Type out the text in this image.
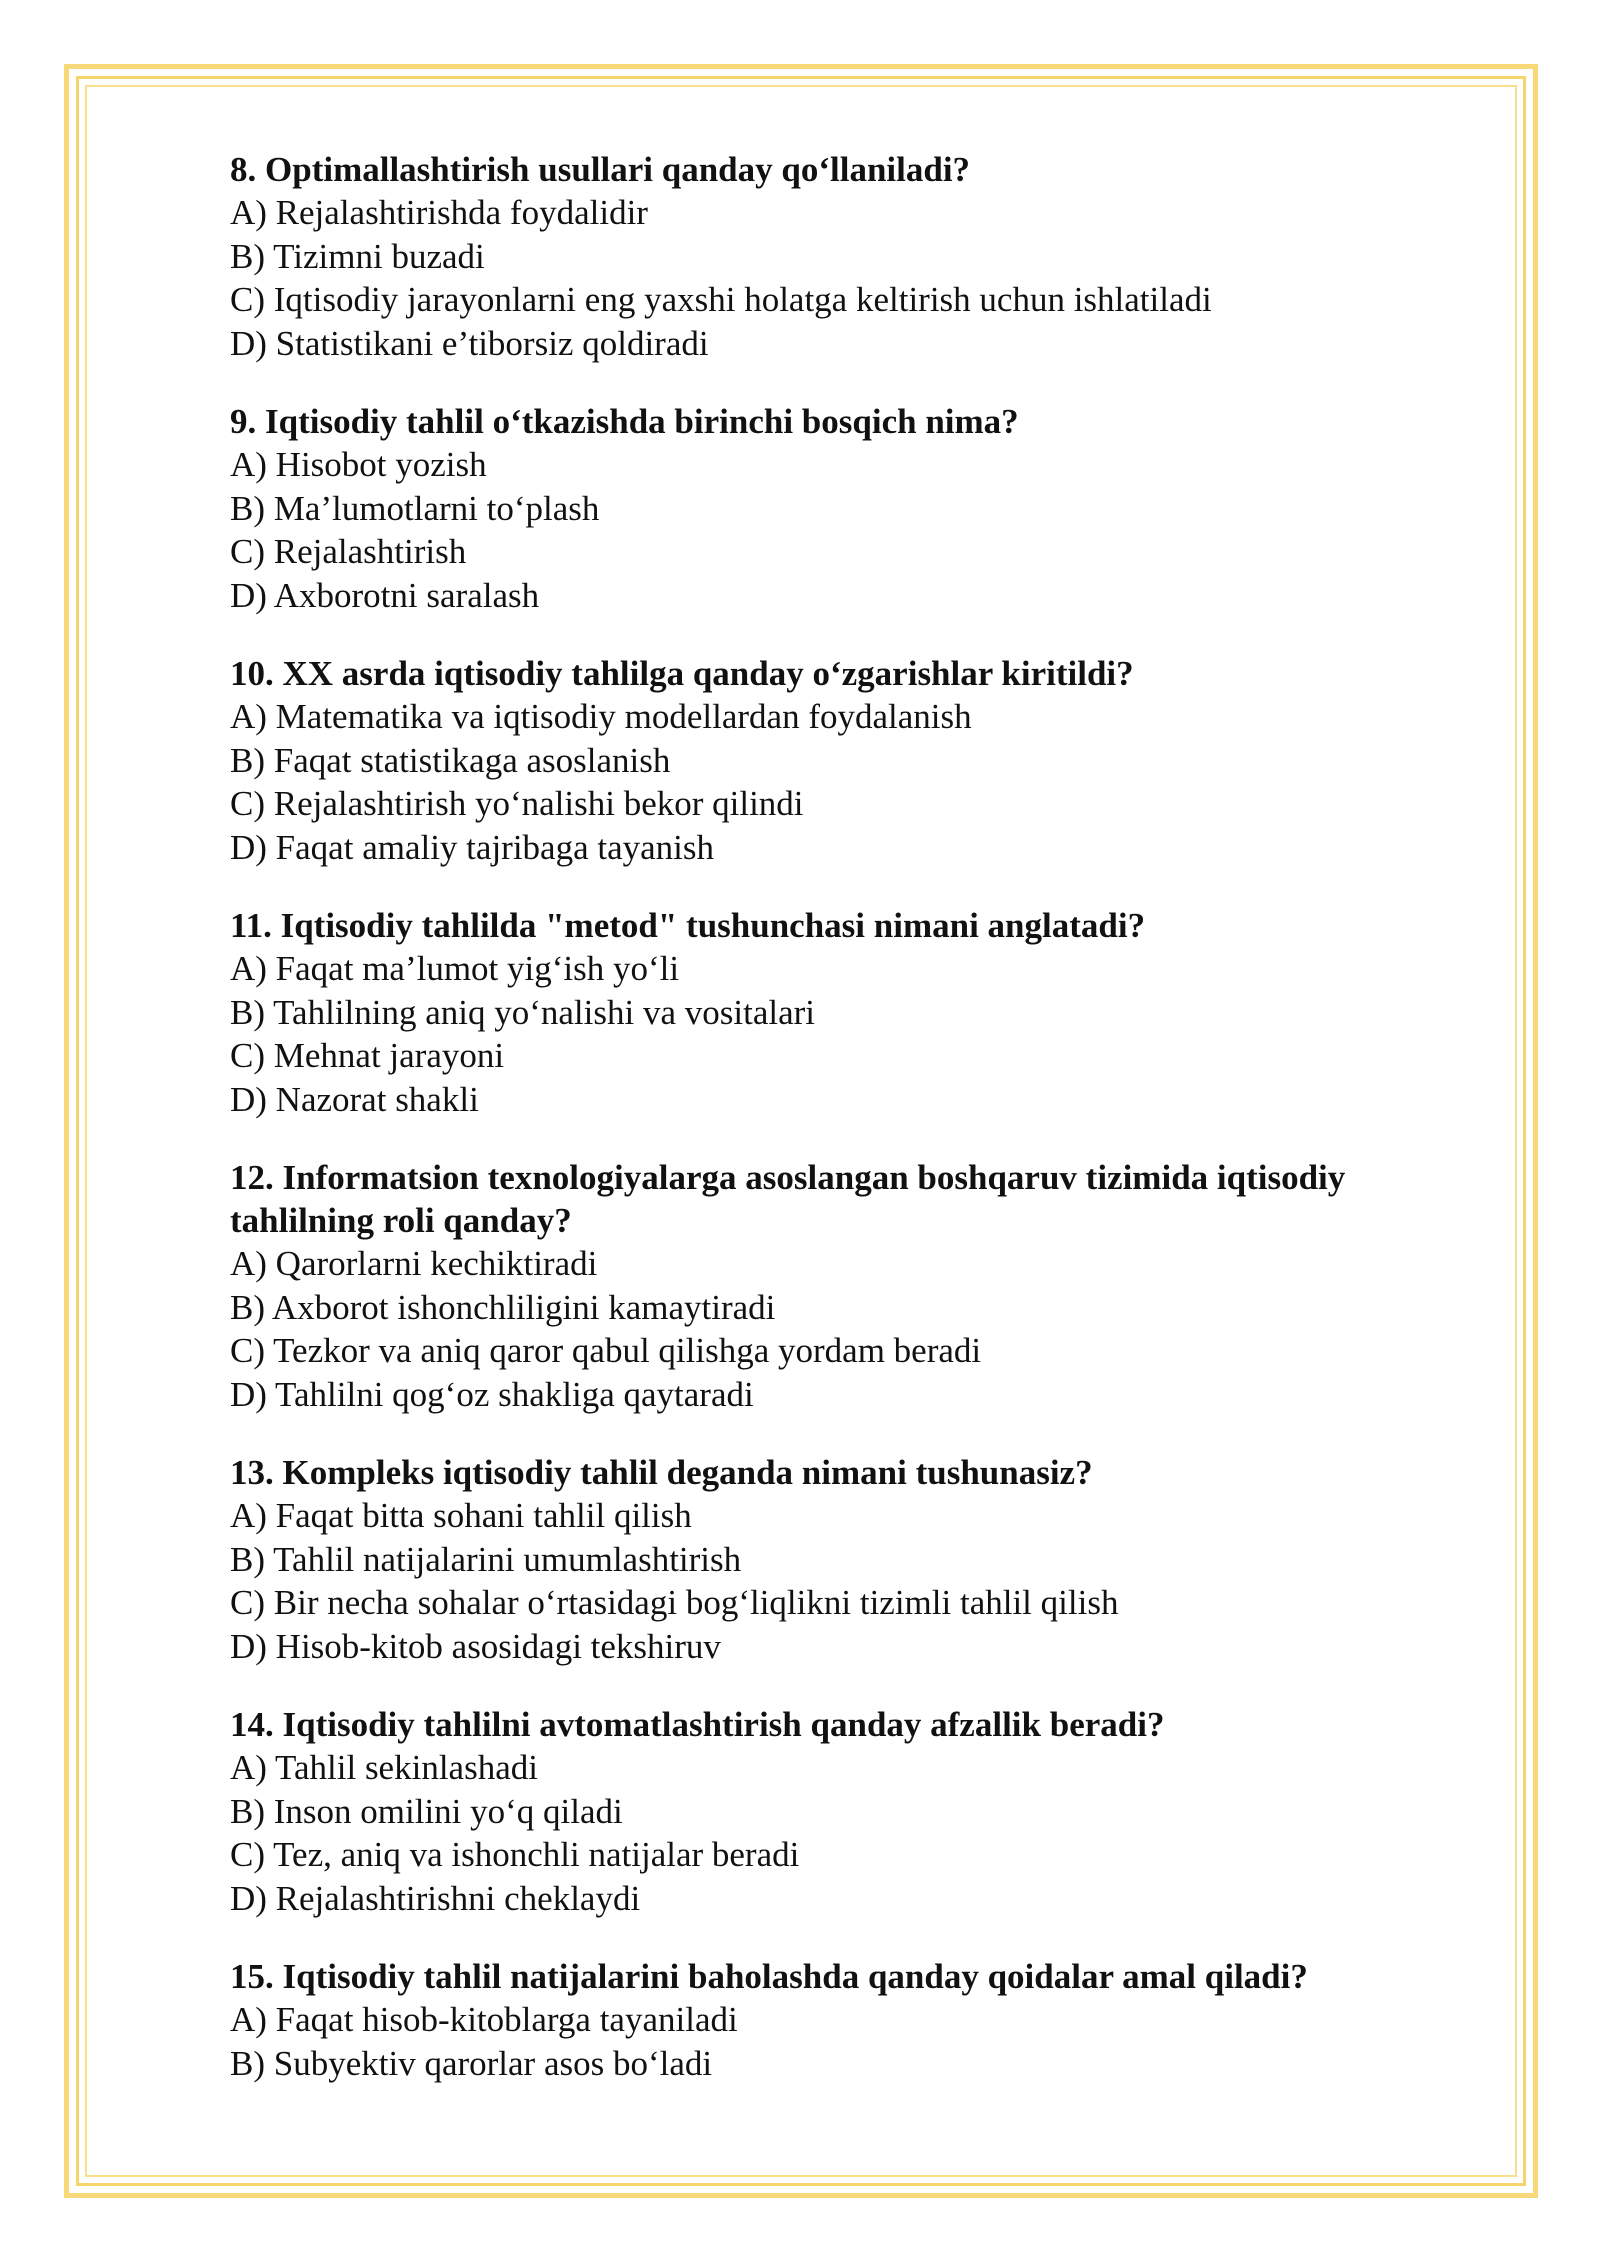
8. Optimallashtirish usullari qanday qo‘llaniladi?
A) Rejalashtirishda foydalidir
B) Tizimni buzadi
C) Iqtisodiy jarayonlarni eng yaxshi holatga keltirish uchun ishlatiladi
D) Statistikani e’tiborsiz qoldiradi
9. Iqtisodiy tahlil o‘tkazishda birinchi bosqich nima?
A) Hisobot yozish
B) Ma’lumotlarni to‘plash
C) Rejalashtirish
D) Axborotni saralash
10. XX asrda iqtisodiy tahlilga qanday o‘zgarishlar kiritildi?
A) Matematika va iqtisodiy modellardan foydalanish
B) Faqat statistikaga asoslanish
C) Rejalashtirish yo‘nalishi bekor qilindi
D) Faqat amaliy tajribaga tayanish
11. Iqtisodiy tahlilda "metod" tushunchasi nimani anglatadi?
A) Faqat ma’lumot yig‘ish yo‘li
B) Tahlilning aniq yo‘nalishi va vositalari
C) Mehnat jarayoni
D) Nazorat shakli
12. Informatsion texnologiyalarga asoslangan boshqaruv tizimida iqtisodiy tahlilning roli qanday?
A) Qarorlarni kechiktiradi
B) Axborot ishonchliligini kamaytiradi
C) Tezkor va aniq qaror qabul qilishga yordam beradi
D) Tahlilni qog‘oz shakliga qaytaradi
13. Kompleks iqtisodiy tahlil deganda nimani tushunasiz?
A) Faqat bitta sohani tahlil qilish
B) Tahlil natijalarini umumlashtirish
C) Bir necha sohalar o‘rtasidagi bog‘liqlikni tizimli tahlil qilish
D) Hisob-kitob asosidagi tekshiruv
14. Iqtisodiy tahlilni avtomatlashtirish qanday afzallik beradi?
A) Tahlil sekinlashadi
B) Inson omilini yo‘q qiladi
C) Tez, aniq va ishonchli natijalar beradi
D) Rejalashtirishni cheklaydi
15. Iqtisodiy tahlil natijalarini baholashda qanday qoidalar amal qiladi?
A) Faqat hisob-kitoblarga tayaniladi
B) Subyektiv qarorlar asos bo‘ladi
